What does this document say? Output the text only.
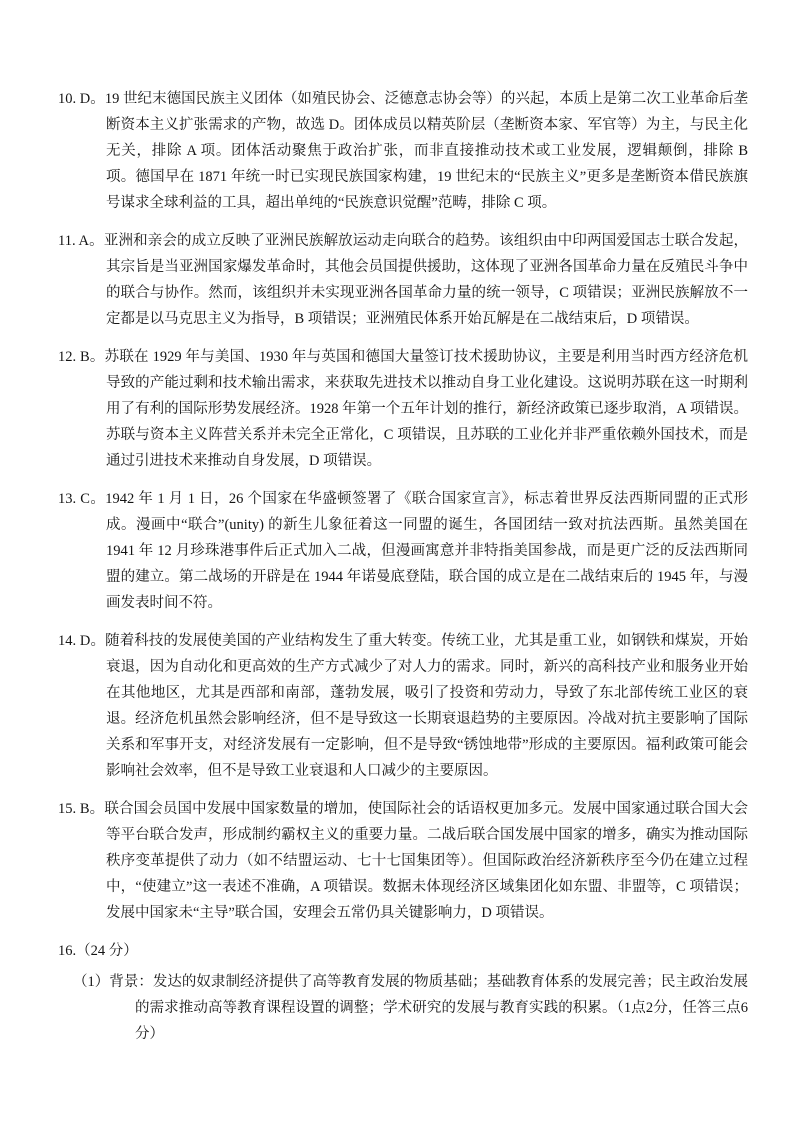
10. D。19 世纪末德国民族主义团体（如殖民协会、泛德意志协会等）的兴起，本质上是第二次工业革命后垄断资本主义扩张需求的产物，故选 D。团体成员以精英阶层（垄断资本家、军官等）为主，与民主化无关，排除 A 项。团体活动聚焦于政治扩张，而非直接推动技术或工业发展，逻辑颠倒，排除 B 项。德国早在 1871 年统一时已实现民族国家构建，19 世纪末的“民族主义”更多是垄断资本借民族旗号谋求全球利益的工具，超出单纯的“民族意识觉醒”范畴，排除 C 项。

11. A。亚洲和亲会的成立反映了亚洲民族解放运动走向联合的趋势。该组织由中印两国爱国志士联合发起，其宗旨是当亚洲国家爆发革命时，其他会员国提供援助，这体现了亚洲各国革命力量在反殖民斗争中的联合与协作。然而，该组织并未实现亚洲各国革命力量的统一领导，C 项错误；亚洲民族解放不一定都是以马克思主义为指导，B 项错误；亚洲殖民体系开始瓦解是在二战结束后，D 项错误。

12. B。苏联在 1929 年与美国、1930 年与英国和德国大量签订技术援助协议，主要是利用当时西方经济危机导致的产能过剩和技术输出需求，来获取先进技术以推动自身工业化建设。这说明苏联在这一时期利用了有利的国际形势发展经济。1928 年第一个五年计划的推行，新经济政策已逐步取消，A 项错误。苏联与资本主义阵营关系并未完全正常化，C 项错误，且苏联的工业化并非严重依赖外国技术，而是通过引进技术来推动自身发展，D 项错误。

13. C。1942 年 1 月 1 日，26 个国家在华盛顿签署了《联合国家宣言》，标志着世界反法西斯同盟的正式形成。漫画中“联合”(unity) 的新生儿象征着这一同盟的诞生，各国团结一致对抗法西斯。虽然美国在 1941 年 12 月珍珠港事件后正式加入二战，但漫画寓意并非特指美国参战，而是更广泛的反法西斯同盟的建立。第二战场的开辟是在 1944 年诺曼底登陆，联合国的成立是在二战结束后的 1945 年，与漫画发表时间不符。

14. D。随着科技的发展使美国的产业结构发生了重大转变。传统工业，尤其是重工业，如钢铁和煤炭，开始衰退，因为自动化和更高效的生产方式减少了对人力的需求。同时，新兴的高科技产业和服务业开始在其他地区，尤其是西部和南部，蓬勃发展，吸引了投资和劳动力，导致了东北部传统工业区的衰退。经济危机虽然会影响经济，但不是导致这一长期衰退趋势的主要原因。冷战对抗主要影响了国际关系和军事开支，对经济发展有一定影响，但不是导致“锈蚀地带”形成的主要原因。福利政策可能会影响社会效率，但不是导致工业衰退和人口减少的主要原因。

15. B。联合国会员国中发展中国家数量的增加，使国际社会的话语权更加多元。发展中国家通过联合国大会等平台联合发声，形成制约霸权主义的重要力量。二战后联合国发展中国家的增多，确实为推动国际秩序变革提供了动力（如不结盟运动、七十七国集团等）。但国际政治经济新秩序至今仍在建立过程中，“使建立”这一表述不准确，A 项错误。数据未体现经济区域集团化如东盟、非盟等，C 项错误；发展中国家未“主导”联合国，安理会五常仍具关键影响力，D 项错误。

16.（24 分）

（1）背景：发达的奴隶制经济提供了高等教育发展的物质基础；基础教育体系的发展完善；民主政治发展的需求推动高等教育课程设置的调整；学术研究的发展与教育实践的积累。（1点2分，任答三点6分）
